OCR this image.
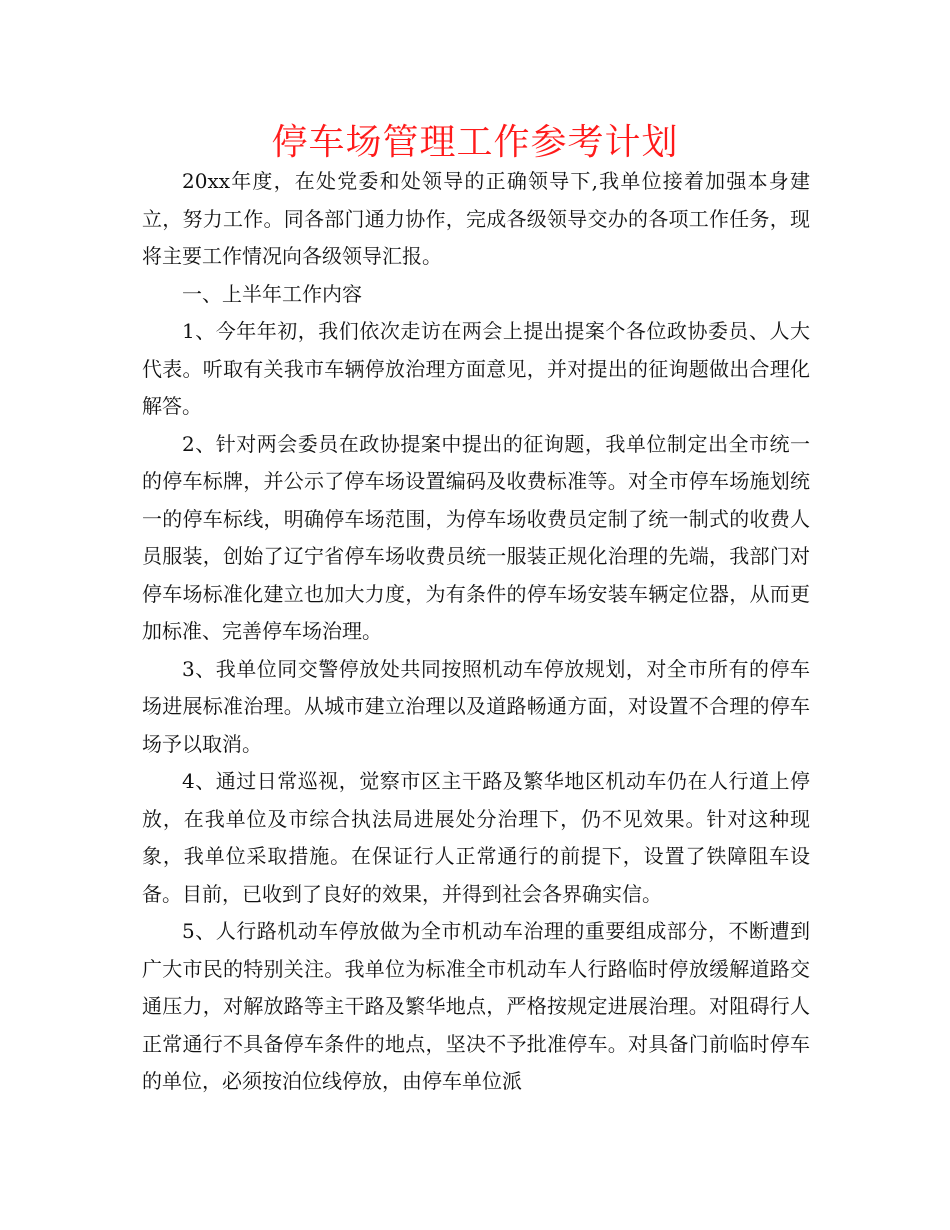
停车场管理工作参考计划

20xx年度，在处党委和处领导的正确领导下,我单位接着加强本身建立，努力工作。同各部门通力协作，完成各级领导交办的各项工作任务，现将主要工作情况向各级领导汇报。

一、上半年工作内容

1、今年年初，我们依次走访在两会上提出提案个各位政协委员、人大代表。听取有关我市车辆停放治理方面意见，并对提出的征询题做出合理化解答。

2、针对两会委员在政协提案中提出的征询题，我单位制定出全市统一的停车标牌，并公示了停车场设置编码及收费标准等。对全市停车场施划统一的停车标线，明确停车场范围，为停车场收费员定制了统一制式的收费人员服装，创始了辽宁省停车场收费员统一服装正规化治理的先端，我部门对停车场标准化建立也加大力度，为有条件的停车场安装车辆定位器，从而更加标准、完善停车场治理。

3、我单位同交警停放处共同按照机动车停放规划，对全市所有的停车场进展标准治理。从城市建立治理以及道路畅通方面，对设置不合理的停车场予以取消。

4、通过日常巡视，觉察市区主干路及繁华地区机动车仍在人行道上停放，在我单位及市综合执法局进展处分治理下，仍不见效果。针对这种现象，我单位采取措施。在保证行人正常通行的前提下，设置了铁障阻车设备。目前，已收到了良好的效果，并得到社会各界确实信。

5、人行路机动车停放做为全市机动车治理的重要组成部分，不断遭到广大市民的特别关注。我单位为标准全市机动车人行路临时停放缓解道路交通压力，对解放路等主干路及繁华地点，严格按规定进展治理。对阻碍行人正常通行不具备停车条件的地点，坚决不予批准停车。对具备门前临时停车的单位，必须按泊位线停放，由停车单位派
